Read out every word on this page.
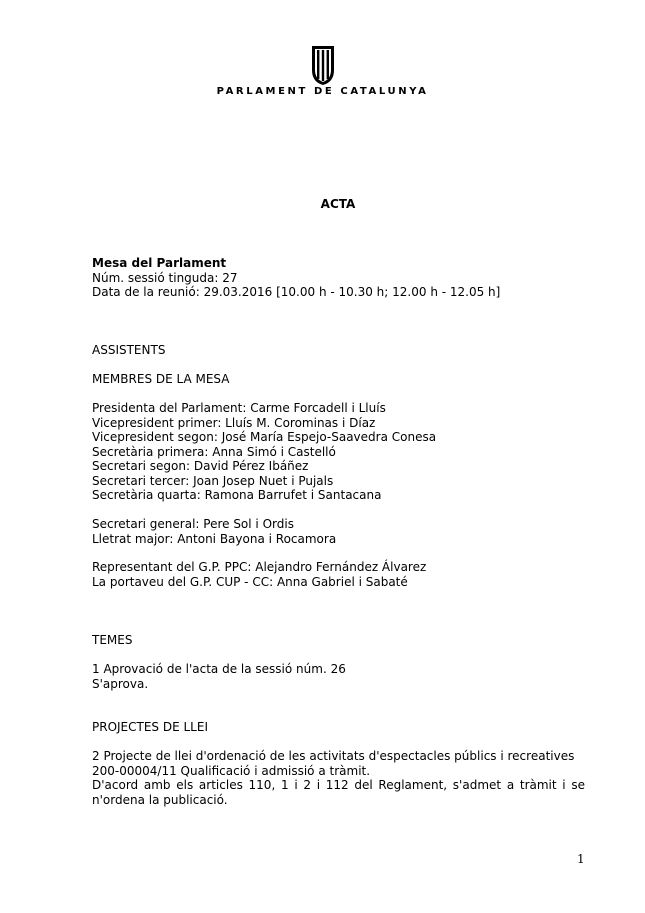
PARLAMENT DE CATALUNYA
ACTA
Mesa del Parlament
Núm. sessió tinguda: 27
Data de la reunió: 29.03.2016 [10.00 h - 10.30 h; 12.00 h - 12.05 h]
ASSISTENTS
MEMBRES DE LA MESA
Presidenta del Parlament: Carme Forcadell i Lluís
Vicepresident primer: Lluís M. Corominas i Díaz
Vicepresident segon: José María Espejo-Saavedra Conesa
Secretària primera: Anna Simó i Castelló
Secretari segon: David Pérez Ibáñez
Secretari tercer: Joan Josep Nuet i Pujals
Secretària quarta: Ramona Barrufet i Santacana
Secretari general: Pere Sol i Ordis
Lletrat major: Antoni Bayona i Rocamora
Representant del G.P. PPC: Alejandro Fernández Álvarez
La portaveu del G.P. CUP - CC: Anna Gabriel i Sabaté
TEMES
1 Aprovació de l'acta de la sessió núm. 26
S'aprova.
PROJECTES DE LLEI
2 Projecte de llei d'ordenació de les activitats d'espectacles públics i recreatives
200-00004/11 Qualificació i admissió a tràmit.
D'acord amb els articles 110, 1 i 2 i 112 del Reglament, s'admet a tràmit i se n'ordena la publicació.
1
